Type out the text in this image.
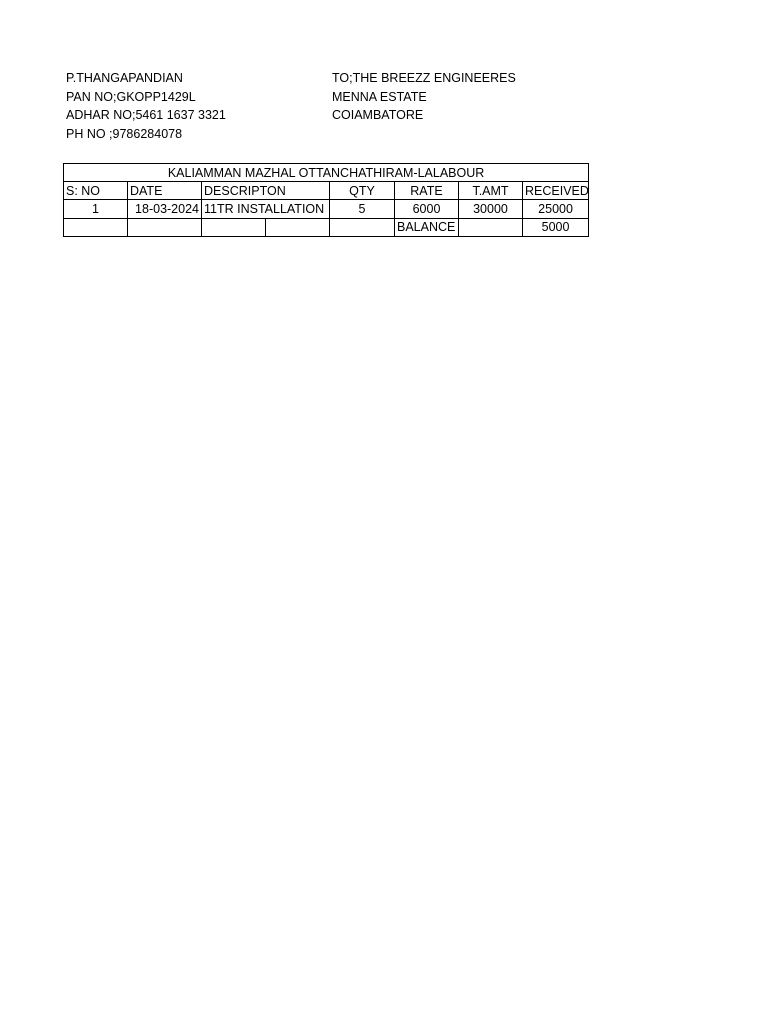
P.THANGAPANDIAN
PAN NO;GKOPP1429L
ADHAR NO;5461 1637 3321
PH NO ;9786284078
TO;THE BREEZZ ENGINEERES
MENNA ESTATE
COIAMBATORE
KALIAMMAN MAZHAL OTTANCHATHIRAM-LALABOUR							
S: NO	DATE	DESCRIPTON		QTY	RATE	T.AMT	RECEIVED
1	18-03-2024	11TR INSTALLATION		5	6000	30000	25000
					BALANCE		5000
